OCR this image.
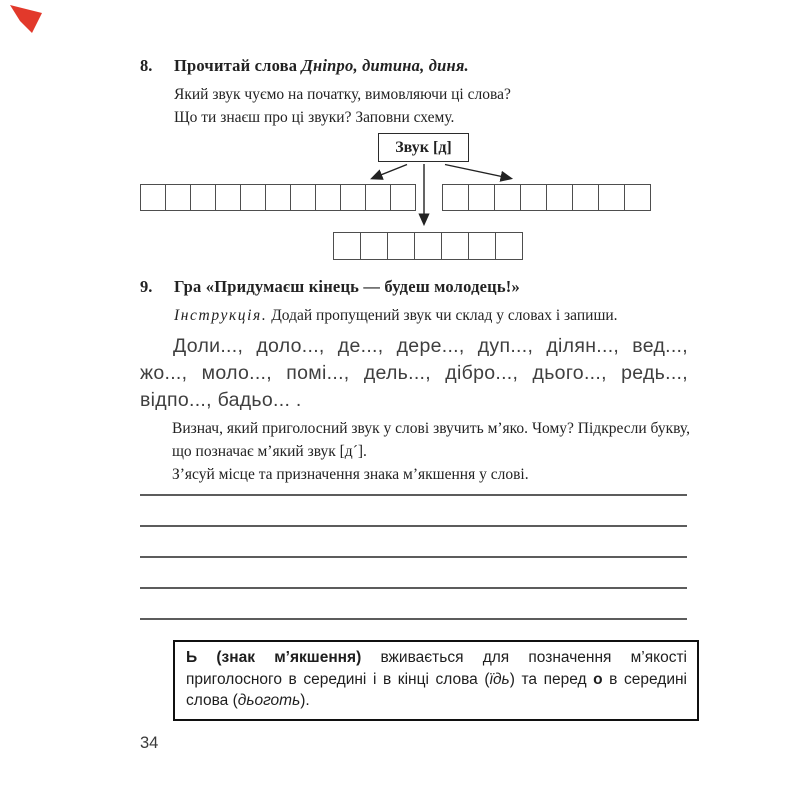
8. Прочитай слова Дніпро, дитина, диня.

Який звук чуємо на початку, вимовляючи ці слова?

Що ти знаєш про ці звуки? Заповни схему.

Звук [д]
9. Гра «Придумаєш кінець — будеш молодець!»

Інструкція. Додай пропущений звук чи склад у словах і запиши.

Доли..., доло..., де..., дере..., дуп..., ділян..., вед..., жо..., моло..., помі..., дель..., дібро..., дього..., редь..., відпо..., бадьо... .

Визнач, який приголосний звук у слові звучить м’яко. Чому? Підкресли букву, що позначає м’який звук [д´].

З’ясуй місце та призначення знака м’якшення у слові.

Ь (знак м’якшення) вживається для позначення м’якості приголосного в середині і в кінці слова (їдь) та перед о в середині слова (дьоготь).
34
